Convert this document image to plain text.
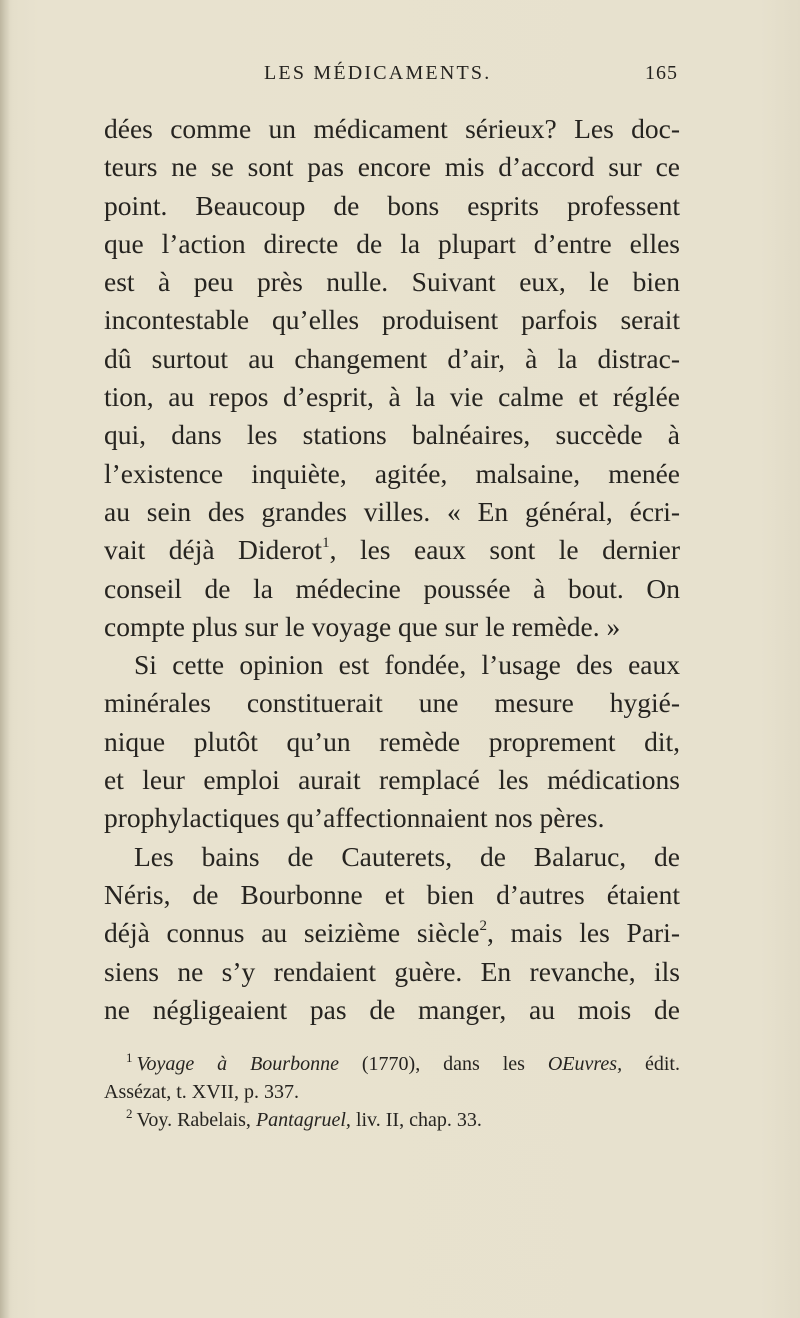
LES MÉDICAMENTS.	165
dées comme un médicament sérieux? Les doc-
teurs ne se sont pas encore mis d’accord sur ce
point. Beaucoup de bons esprits professent
que l’action directe de la plupart d’entre elles
est à peu près nulle. Suivant eux, le bien
incontestable qu’elles produisent parfois serait
dû surtout au changement d’air, à la distrac-
tion, au repos d’esprit, à la vie calme et réglée
qui, dans les stations balnéaires, succède à
l’existence inquiète, agitée, malsaine, menée
au sein des grandes villes. « En général, écri-
vait déjà Diderot$^1$, les eaux sont le dernier
conseil de la médecine poussée à bout. On
compte plus sur le voyage que sur le remède. »
Si cette opinion est fondée, l’usage des eaux
minérales constituerait une mesure hygié-
nique plutôt qu’un remède proprement dit,
et leur emploi aurait remplacé les médications
prophylactiques qu’affectionnaient nos pères.
Les bains de Cauterets, de Balaruc, de
Néris, de Bourbonne et bien d’autres étaient
déjà connus au seizième siècle$^2$, mais les Pari-
siens ne s’y rendaient guère. En revanche, ils
ne négligeaient pas de manger, au mois de
$^1$ Voyage à Bourbonne (1770), dans les OEuvres, édit.
Assézat, t. XVII, p. 337.
$^2$ Voy. Rabelais, Pantagruel, liv. II, chap. 33.
